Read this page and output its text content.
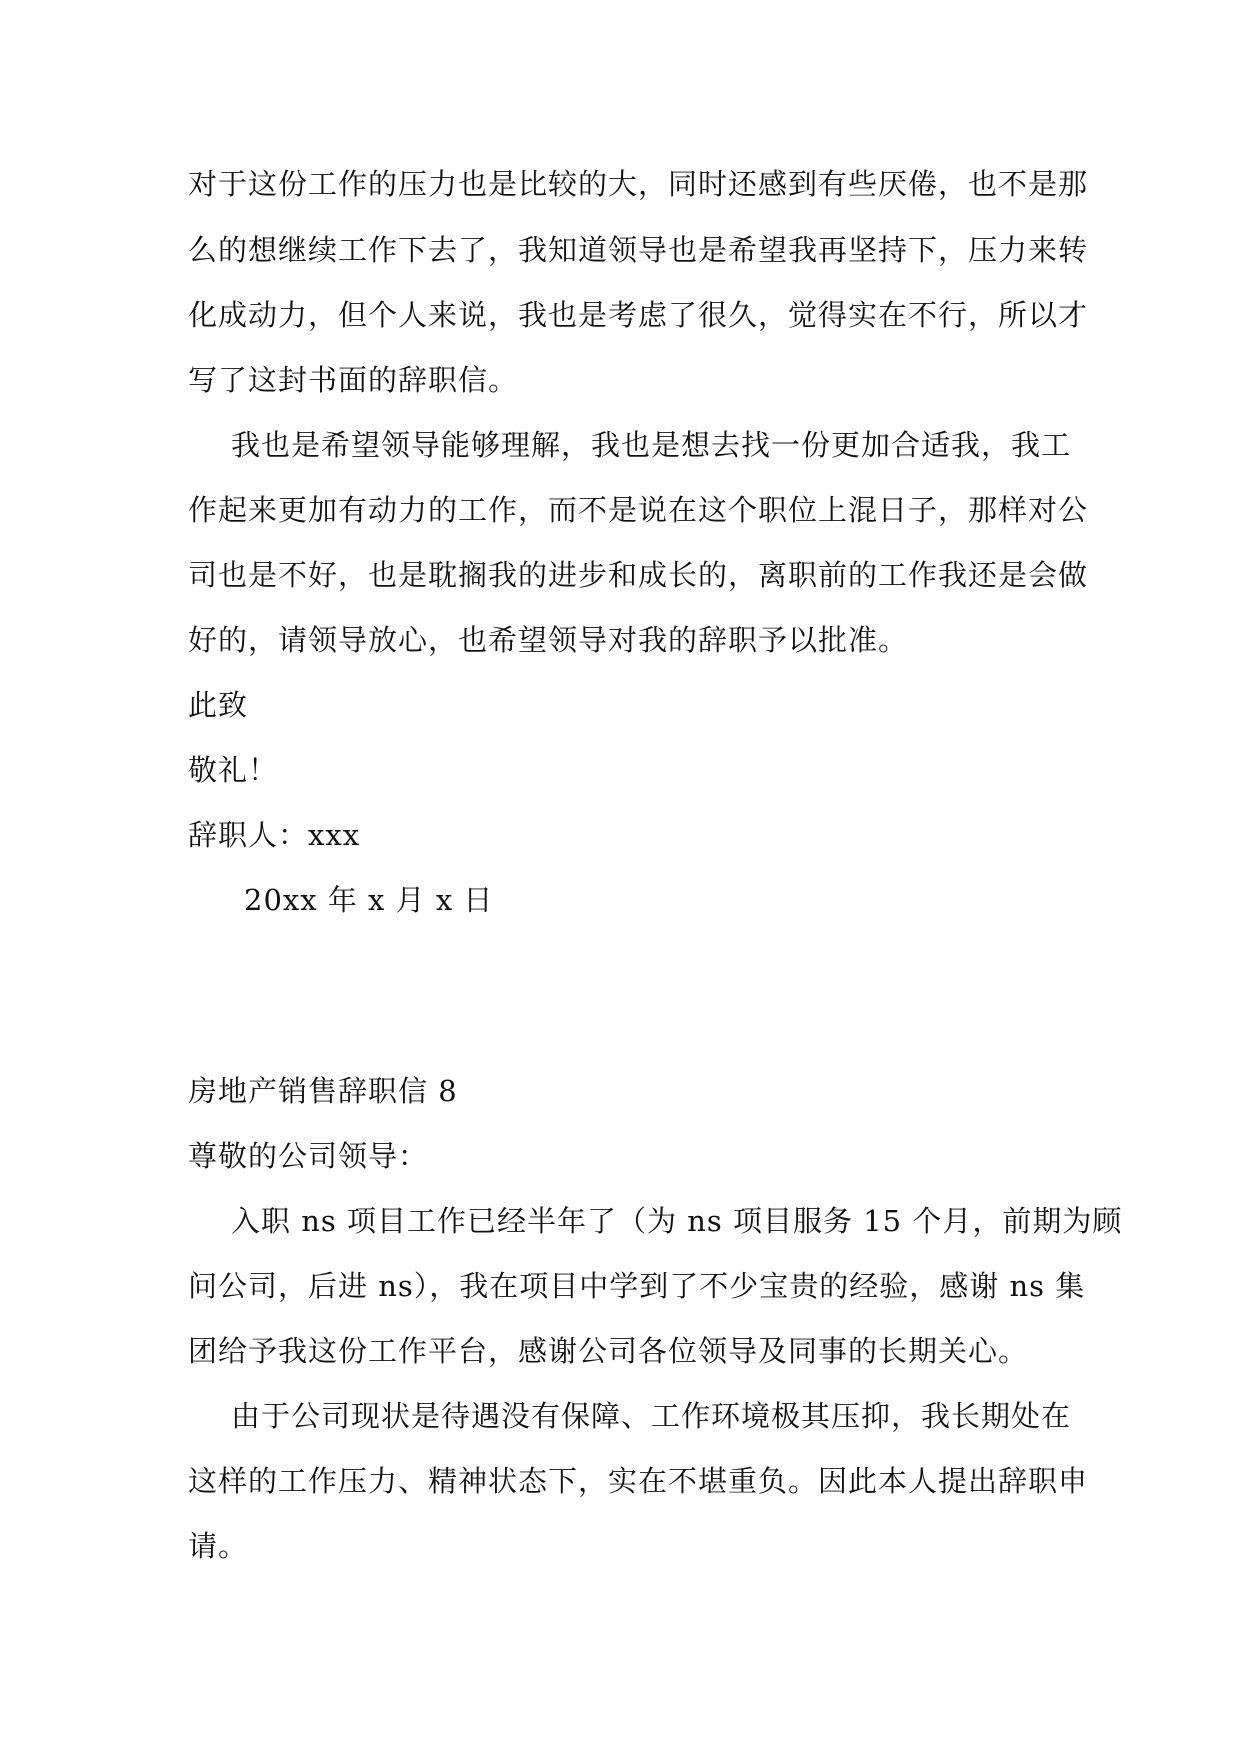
对于这份工作的压力也是比较的大，同时还感到有些厌倦，也不是那
么的想继续工作下去了，我知道领导也是希望我再坚持下，压力来转
化成动力，但个人来说，我也是考虑了很久，觉得实在不行，所以才
写了这封书面的辞职信。
我也是希望领导能够理解，我也是想去找一份更加合适我，我工
作起来更加有动力的工作，而不是说在这个职位上混日子，那样对公
司也是不好，也是耽搁我的进步和成长的，离职前的工作我还是会做
好的，请领导放心，也希望领导对我的辞职予以批准。
此致
敬礼！
辞职人：xxx
20xx 年 x 月 x 日
房地产销售辞职信 8
尊敬的公司领导：
入职 ns 项目工作已经半年了（为 ns 项目服务 15 个月，前期为顾
问公司，后进 ns），我在项目中学到了不少宝贵的经验，感谢 ns 集
团给予我这份工作平台，感谢公司各位领导及同事的长期关心。
由于公司现状是待遇没有保障、工作环境极其压抑，我长期处在
这样的工作压力、精神状态下，实在不堪重负。因此本人提出辞职申
请。
